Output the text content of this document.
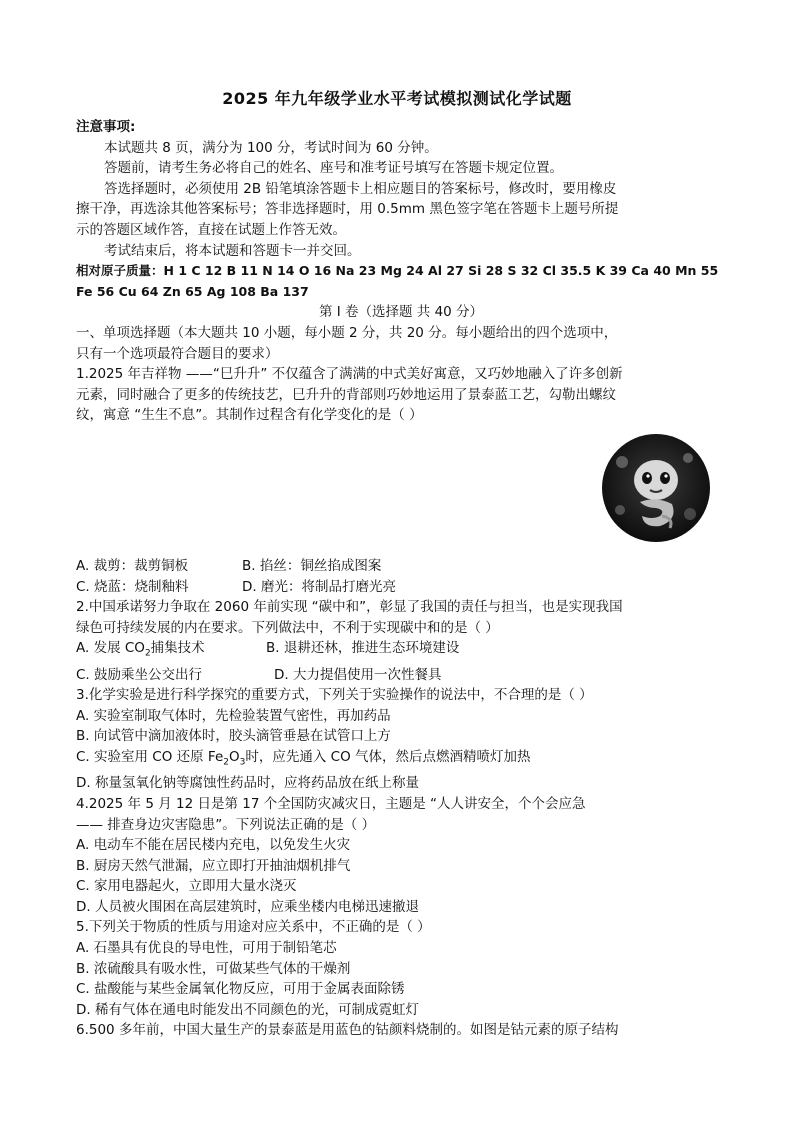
2025 年九年级学业水平考试模拟测试化学试题
注意事项:
本试题共 8 页，满分为 100 分，考试时间为 60 分钟。
答题前，请考生务必将自己的姓名、座号和准考证号填写在答题卡规定位置。
答选择题时，必须使用 2B 铅笔填涂答题卡上相应题目的答案标号，修改时，要用橡皮
擦干净，再选涂其他答案标号；答非选择题时，用 0.5mm 黑色签字笔在答题卡上题号所提
示的答题区域作答，直接在试题上作答无效。
考试结束后，将本试题和答题卡一并交回。
相对原子质量：H 1 C 12 B 11 N 14 O 16 Na 23 Mg 24 Al 27 Si 28 S 32 Cl 35.5 K 39 Ca 40 Mn 55
Fe 56 Cu 64 Zn 65 Ag 108 Ba 137
第 I 卷（选择题 共 40 分）
一、单项选择题（本大题共 10 小题，每小题 2 分，共 20 分。每小题给出的四个选项中，
只有一个选项最符合题目的要求）
1.2025 年吉祥物 ——“巳升升” 不仅蕴含了满满的中式美好寓意，又巧妙地融入了许多创新
元素，同时融合了更多的传统技艺，巳升升的背部则巧妙地运用了景泰蓝工艺，勾勒出螺纹
纹，寓意 “生生不息”。其制作过程含有化学变化的是（ ）
A. 裁剪：裁剪铜板	B. 掐丝：铜丝掐成图案
C. 烧蓝：烧制釉料	D. 磨光：将制品打磨光亮
2.中国承诺努力争取在 2060 年前实现 “碳中和”，彰显了我国的责任与担当，也是实现我国
绿色可持续发展的内在要求。下列做法中，不利于实现碳中和的是（ ）
A. 发展 $CO_2$捕集技术	B. 退耕还林，推进生态环境建设
C. 鼓励乘坐公交出行	D. 大力提倡使用一次性餐具
3.化学实验是进行科学探究的重要方式，下列关于实验操作的说法中，不合理的是（ ）
A. 实验室制取气体时，先检验装置气密性，再加药品
B. 向试管中滴加液体时，胶头滴管垂悬在试管口上方
C. 实验室用 CO 还原 $Fe_2O_3$时，应先通入 CO 气体，然后点燃酒精喷灯加热
D. 称量氢氧化钠等腐蚀性药品时，应将药品放在纸上称量
4.2025 年 5 月 12 日是第 17 个全国防灾减灾日，主题是 “人人讲安全，个个会应急
—— 排查身边灾害隐患”。下列说法正确的是（ ）
A. 电动车不能在居民楼内充电，以免发生火灾
B. 厨房天然气泄漏，应立即打开抽油烟机排气
C. 家用电器起火，立即用大量水浇灭
D. 人员被火围困在高层建筑时，应乘坐楼内电梯迅速撤退
5.下列关于物质的性质与用途对应关系中，不正确的是（ ）
A. 石墨具有优良的导电性，可用于制铅笔芯
B. 浓硫酸具有吸水性，可做某些气体的干燥剂
C. 盐酸能与某些金属氧化物反应，可用于金属表面除锈
D. 稀有气体在通电时能发出不同颜色的光，可制成霓虹灯
6.500 多年前，中国大量生产的景泰蓝是用蓝色的钴颜料烧制的。如图是钴元素的原子结构
